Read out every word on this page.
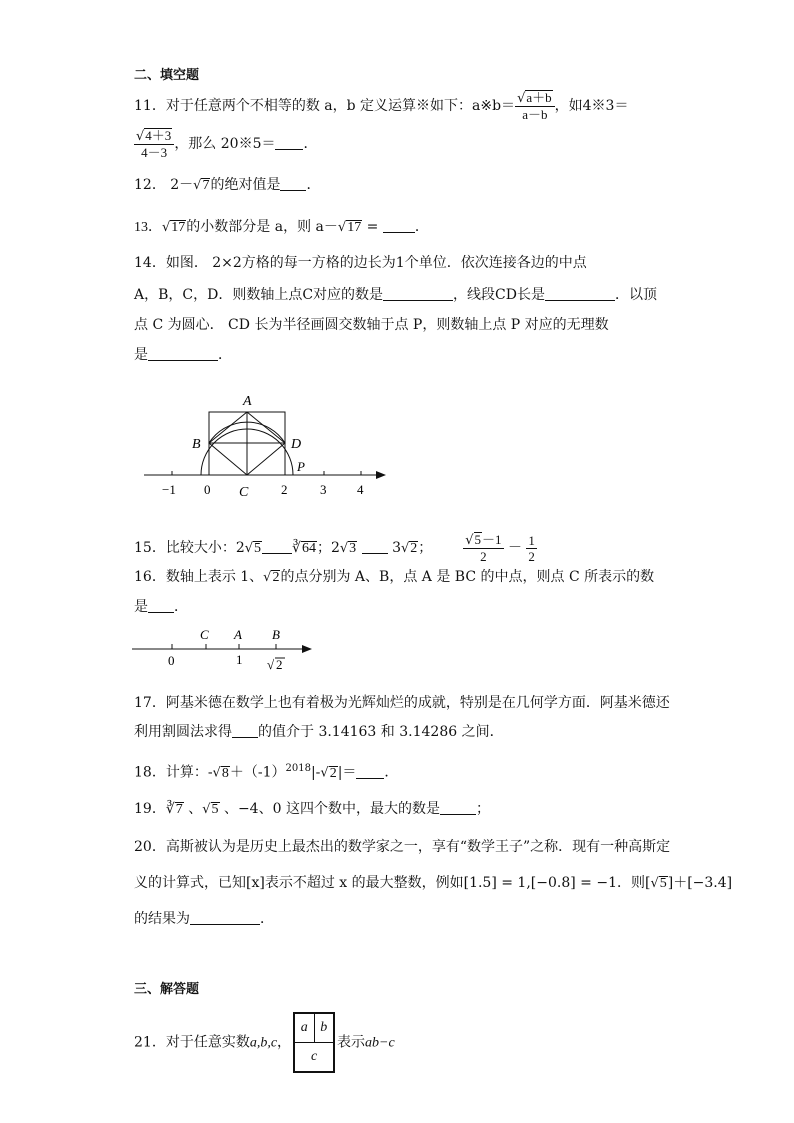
二、填空题
11．对于任意两个不相等的数 a，b 定义运算※如下：a※b＝ $\frac{√a+b}{a-b}$ ，如4※3＝
$\frac{√4+3}{4-3}$ ，那么 20※5＝ ．
12． 2－√7的绝对值是 ．
13．√17的小数部分是 a，则 a－√17 = ．
14．如图． 2×2方格的每一方格的边长为1个单位．依次连接各边的中点
A，B，C，D．则数轴上点C对应的数是	，线段CD长是	．以顶
点 C 为圆心． CD 长为半径画圆交数轴于点 P，则数轴上点 P 对应的无理数
是	．
A
B
C
D
P
−1 0	2	3 4
15．比较大小：2√5 ∛64；2√3	3√2； $\frac{√5-1}{2} - \frac{1}{2}$
16．数轴上表示 1、√2的点分别为 A、B，点 A 是 BC 的中点，则点 C 所表示的数
是 ．
C A B
0	1 √ 2
17．阿基米德在数学上也有着极为光辉灿烂的成就，特别是在几何学方面．阿基米德还
利用割圆法求得 的值介于 3.14163 和 3.14286 之间．
18．计算：$-√8+(-1)^{2018}|-√2|=$ ．
19．∛7 、√5 、−4、0 这四个数中，最大的数是	；
20．高斯被认为是历史上最杰出的数学家之一，享有“数学王子”之称．现有一种高斯定
义的计算式，已知[x]表示不超过 x 的最大整数，例如[1.5] = 1,[−0.8] = −1．则[√5]＋[−3.4]
的结果为	．
三、解答题
21．对于任意实数a,b,c，
a	b
c
表示ab−c
